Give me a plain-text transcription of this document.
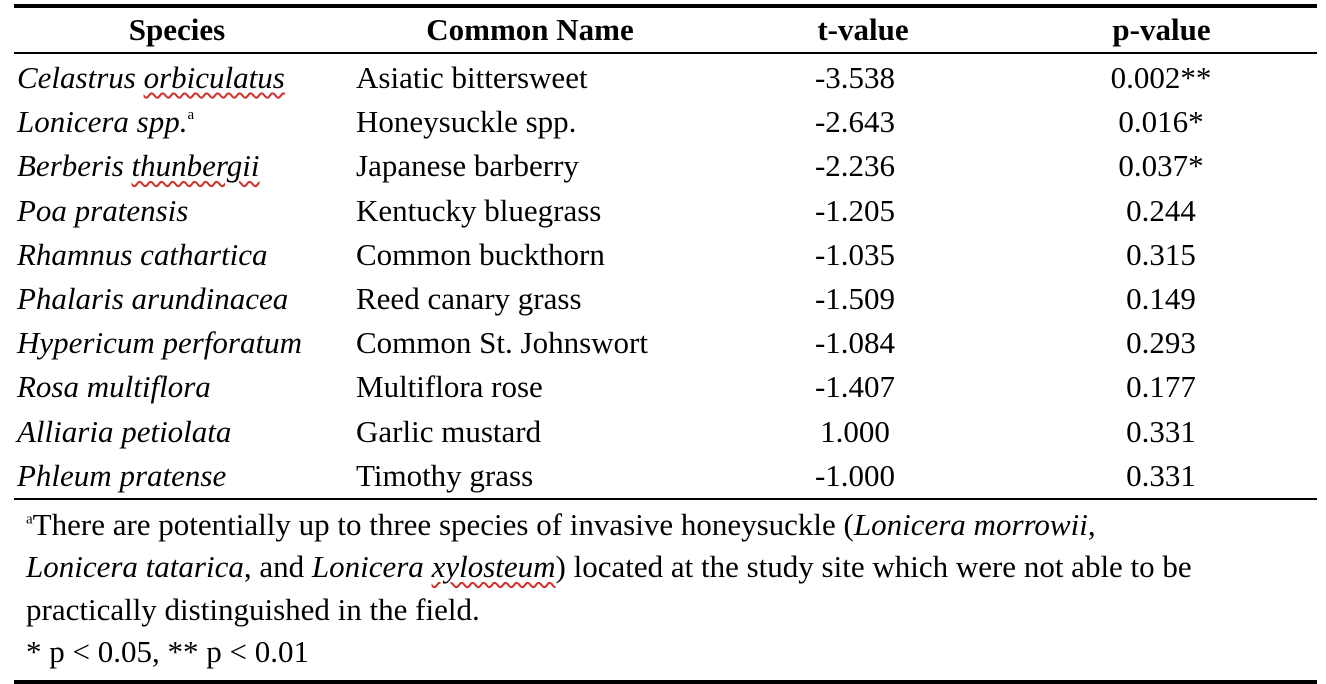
Species	Common Name	t-value	p-value
Celastrus orbiculatus	Asiatic bittersweet	-3.538	0.002**
Lonicera spp.$^a$	Honeysuckle spp.	-2.643	0.016*
Berberis thunbergii	Japanese barberry	-2.236	0.037*
Poa pratensis	Kentucky bluegrass	-1.205	0.244
Rhamnus cathartica	Common buckthorn	-1.035	0.315
Phalaris arundinacea	Reed canary grass	-1.509	0.149
Hypericum perforatum	Common St. Johnswort	-1.084	0.293
Rosa multiflora	Multiflora rose	-1.407	0.177
Alliaria petiolata	Garlic mustard	1.000	0.331
Phleum pratense	Timothy grass	-1.000	0.331
$^a$There are potentially up to three species of invasive honeysuckle (Lonicera morrowii,
Lonicera tatarica, and Lonicera xylosteum) located at the study site which were not able to be practically distinguished in the field.
* p < 0.05, ** p < 0.01
